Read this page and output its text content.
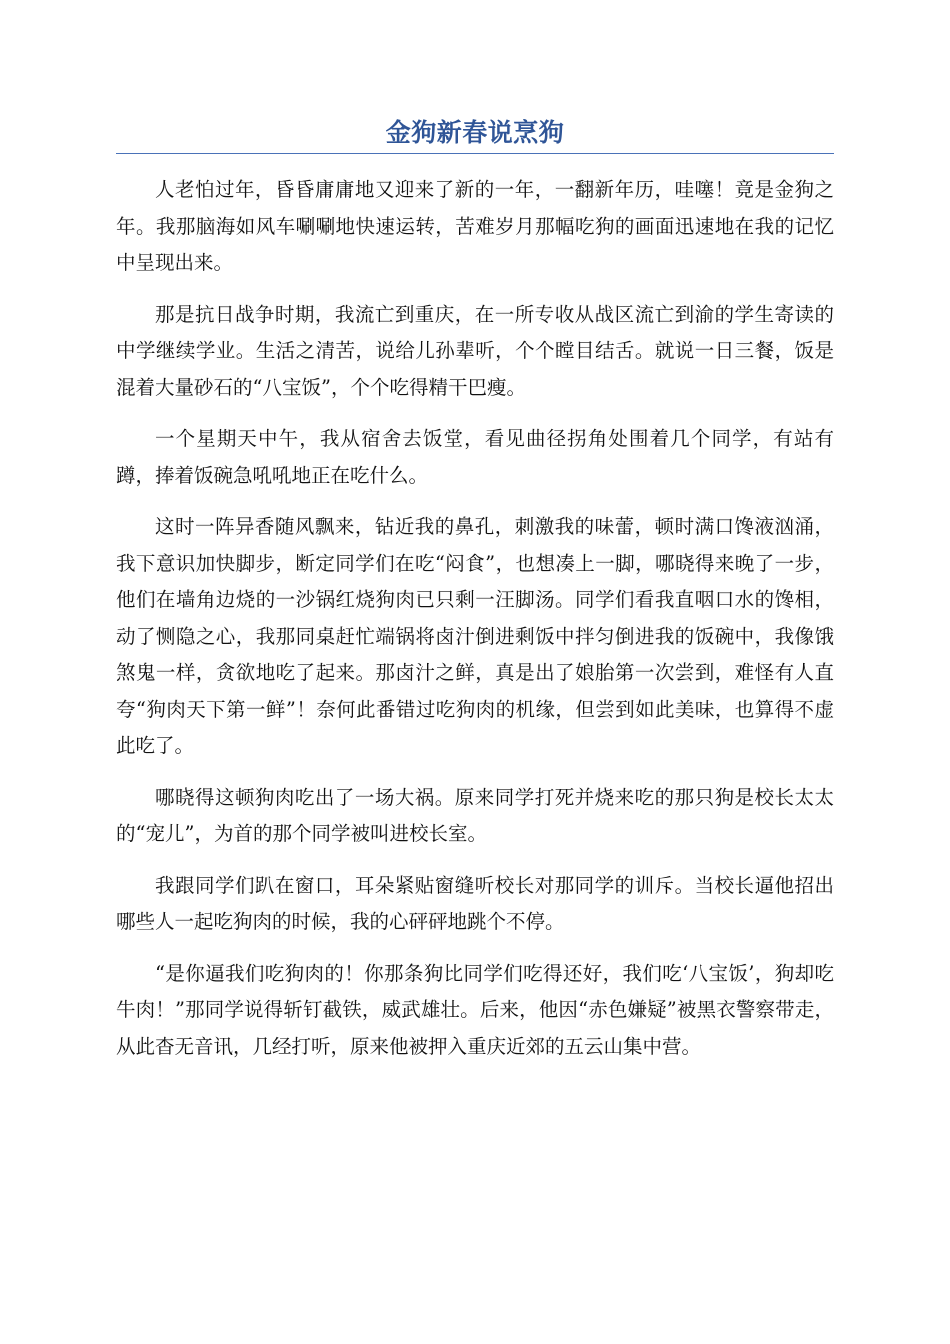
金狗新春说烹狗

人老怕过年，昏昏庸庸地又迎来了新的一年，一翻新年历，哇噻！竟是金狗之年。我那脑海如风车唰唰地快速运转，苦难岁月那幅吃狗的画面迅速地在我的记忆中呈现出来。

那是抗日战争时期，我流亡到重庆，在一所专收从战区流亡到渝的学生寄读的中学继续学业。生活之清苦，说给儿孙辈听，个个瞠目结舌。就说一日三餐，饭是混着大量砂石的“八宝饭”，个个吃得精干巴瘦。

一个星期天中午，我从宿舍去饭堂，看见曲径拐角处围着几个同学，有站有蹲，捧着饭碗急吼吼地正在吃什么。

这时一阵异香随风飘来，钻近我的鼻孔，刺激我的味蕾，顿时满口馋液汹涌，我下意识加快脚步，断定同学们在吃“闷食”，也想凑上一脚，哪晓得来晚了一步，他们在墙角边烧的一沙锅红烧狗肉已只剩一汪脚汤。同学们看我直咽口水的馋相，动了恻隐之心，我那同桌赶忙端锅将卤汁倒进剩饭中拌匀倒进我的饭碗中，我像饿煞鬼一样，贪欲地吃了起来。那卤汁之鲜，真是出了娘胎第一次尝到，难怪有人直夸“狗肉天下第一鲜”！奈何此番错过吃狗肉的机缘，但尝到如此美味，也算得不虚此吃了。

哪晓得这顿狗肉吃出了一场大祸。原来同学打死并烧来吃的那只狗是校长太太的“宠儿”，为首的那个同学被叫进校长室。

我跟同学们趴在窗口，耳朵紧贴窗缝听校长对那同学的训斥。当校长逼他招出哪些人一起吃狗肉的时候，我的心砰砰地跳个不停。

“是你逼我们吃狗肉的！你那条狗比同学们吃得还好，我们吃‘八宝饭’，狗却吃牛肉！”那同学说得斩钉截铁，威武雄壮。后来，他因“赤色嫌疑”被黑衣警察带走，从此杳无音讯，几经打听，原来他被押入重庆近郊的五云山集中营。
